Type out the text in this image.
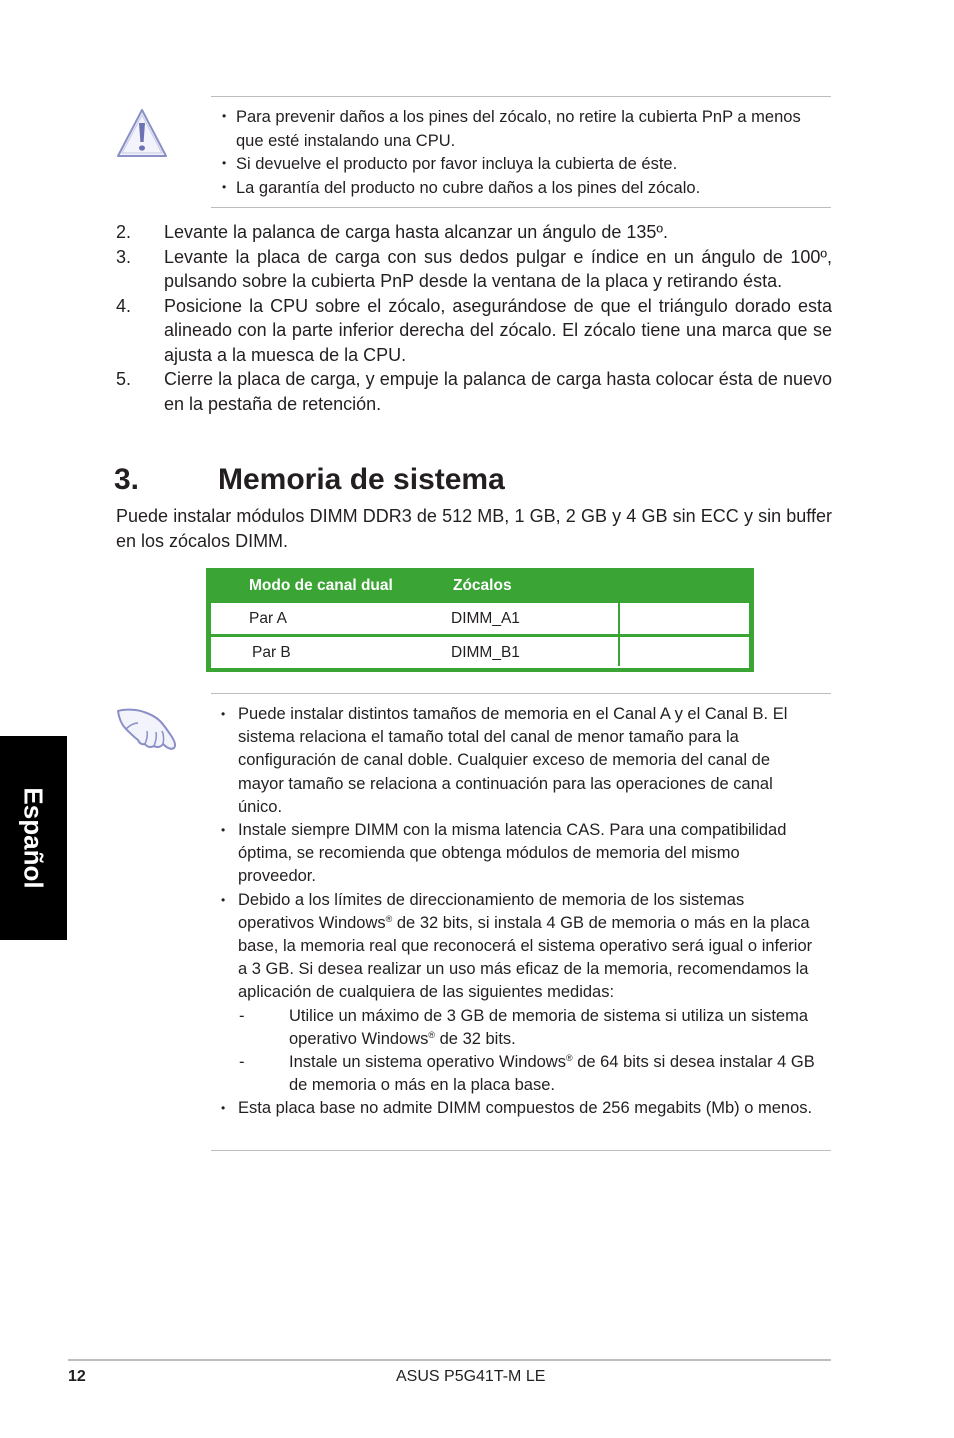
• Para prevenir daños a los pines del zócalo, no retire la cubierta PnP a menos que esté instalando una CPU.
• Si devuelve el producto por favor incluya la cubierta de éste.
• La garantía del producto no cubre daños a los pines del zócalo.
2. Levante la palanca de carga hasta alcanzar un ángulo de 135º.
3. Levante la placa de carga con sus dedos pulgar e índice en un ángulo de 100º, pulsando sobre la cubierta PnP desde la ventana de la placa y retirando ésta.
4. Posicione la CPU sobre el zócalo, asegurándose de que el triángulo dorado esta alineado con la parte inferior derecha del zócalo. El zócalo tiene una marca que se ajusta a la muesca de la CPU.
5. Cierre la placa de carga, y empuje la palanca de carga hasta colocar ésta de nuevo en la pestaña de retención.
3.	Memoria de sistema
Puede instalar módulos DIMM DDR3 de 512 MB, 1 GB, 2 GB y 4 GB sin ECC y sin buffer en los zócalos DIMM.
Modo de canal dual	Zócalos
Par A	DIMM_A1
Par B	DIMM_B1

• Puede instalar distintos tamaños de memoria en el Canal A y el Canal B. El sistema relaciona el tamaño total del canal de menor tamaño para la configuración de canal doble. Cualquier exceso de memoria del canal de mayor tamaño se relaciona a continuación para las operaciones de canal único.

• Instale siempre DIMM con la misma latencia CAS. Para una compatibilidad óptima, se recomienda que obtenga módulos de memoria del mismo proveedor.

• Debido a los límites de direccionamiento de memoria de los sistemas operativos Windows® de 32 bits, si instala 4 GB de memoria o más en la placa base, la memoria real que reconocerá el sistema operativo será igual o inferior a 3 GB. Si desea realizar un uso más eficaz de la memoria, recomendamos la aplicación de cualquiera de las siguientes medidas:

-	Utilice un máximo de 3 GB de memoria de sistema si utiliza un sistema operativo Windows® de 32 bits.

-	Instale un sistema operativo Windows® de 64 bits si desea instalar 4 GB de memoria o más en la placa base.

• Esta placa base no admite DIMM compuestos de 256 megabits (Mb) o menos.

Español
12	ASUS P5G41T-M LE
